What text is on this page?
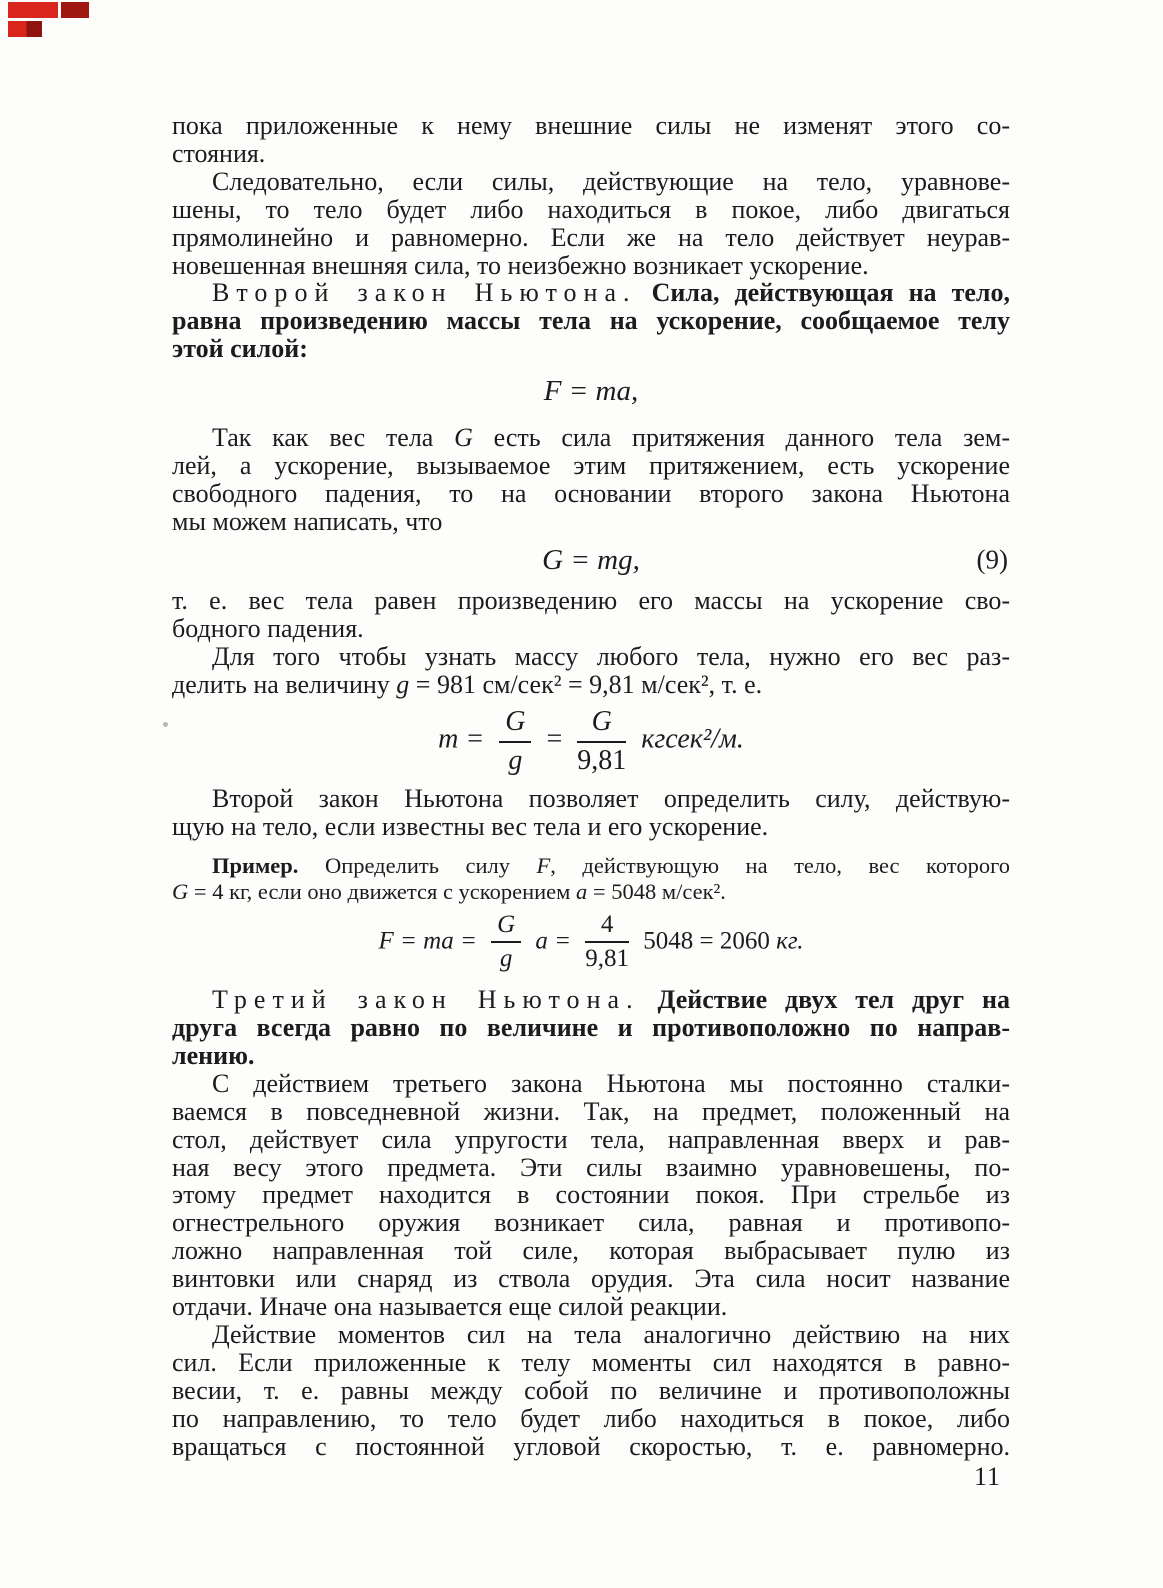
пока приложенные к нему внешние силы не изменят этого со-
стояния.
Следовательно, если силы, действующие на тело, уравнове-
шены, то тело будет либо находиться в покое, либо двигаться
прямолинейно и равномерно. Если же на тело действует неурав-
новешенная внешняя сила, то неизбежно возникает ускорение.
Второй закон Ньютона. Сила, действующая на тело,
равна произведению массы тела на ускорение, сообщаемое телу
этой силой:
F = ma,
Так как вес тела G есть сила притяжения данного тела зем-
лей, а ускорение, вызываемое этим притяжением, есть ускорение
свободного падения, то на основании второго закона Ньютона
мы можем написать, что
G = mg,	(9)
т. е. вес тела равен произведению его массы на ускорение сво-
бодного падения.
Для того чтобы узнать массу любого тела, нужно его вес раз-
делить на величину g = 981 см/сек² = 9,81 м/сек², т. е.
$m = \frac{G}{g} = \frac{G}{9,81}$ кгсек²/м.
Второй закон Ньютона позволяет определить силу, действую-
щую на тело, если известны вес тела и его ускорение.
Пример. Определить силу F, действующую на тело, вес которого
G = 4 кг, если оно движется с ускорением a = 5048 м/сек².
F = ma = $\frac{G}{g}$ $a = \frac{4}{9,81} 5048 = 2060$ кг.
Третий закон Ньютона. Действие двух тел друг на
друга всегда равно по величине и противоположно по направ-
лению.
С действием третьего закона Ньютона мы постоянно сталки-
ваемся в повседневной жизни. Так, на предмет, положенный на
стол, действует сила упругости тела, направленная вверх и рав-
ная весу этого предмета. Эти силы взаимно уравновешены, по-
этому предмет находится в состоянии покоя. При стрельбе из
огнестрельного оружия возникает сила, равная и противопо-
ложно направленная той силе, которая выбрасывает пулю из
винтовки или снаряд из ствола орудия. Эта сила носит название
отдачи. Иначе она называется еще силой реакции.
Действие моментов сил на тела аналогично действию на них
сил. Если приложенные к телу моменты сил находятся в равно-
весии, т. е. равны между собой по величине и противоположны
по направлению, то тело будет либо находиться в покое, либо
вращаться с постоянной угловой скоростью, т. е. равномерно.
11
